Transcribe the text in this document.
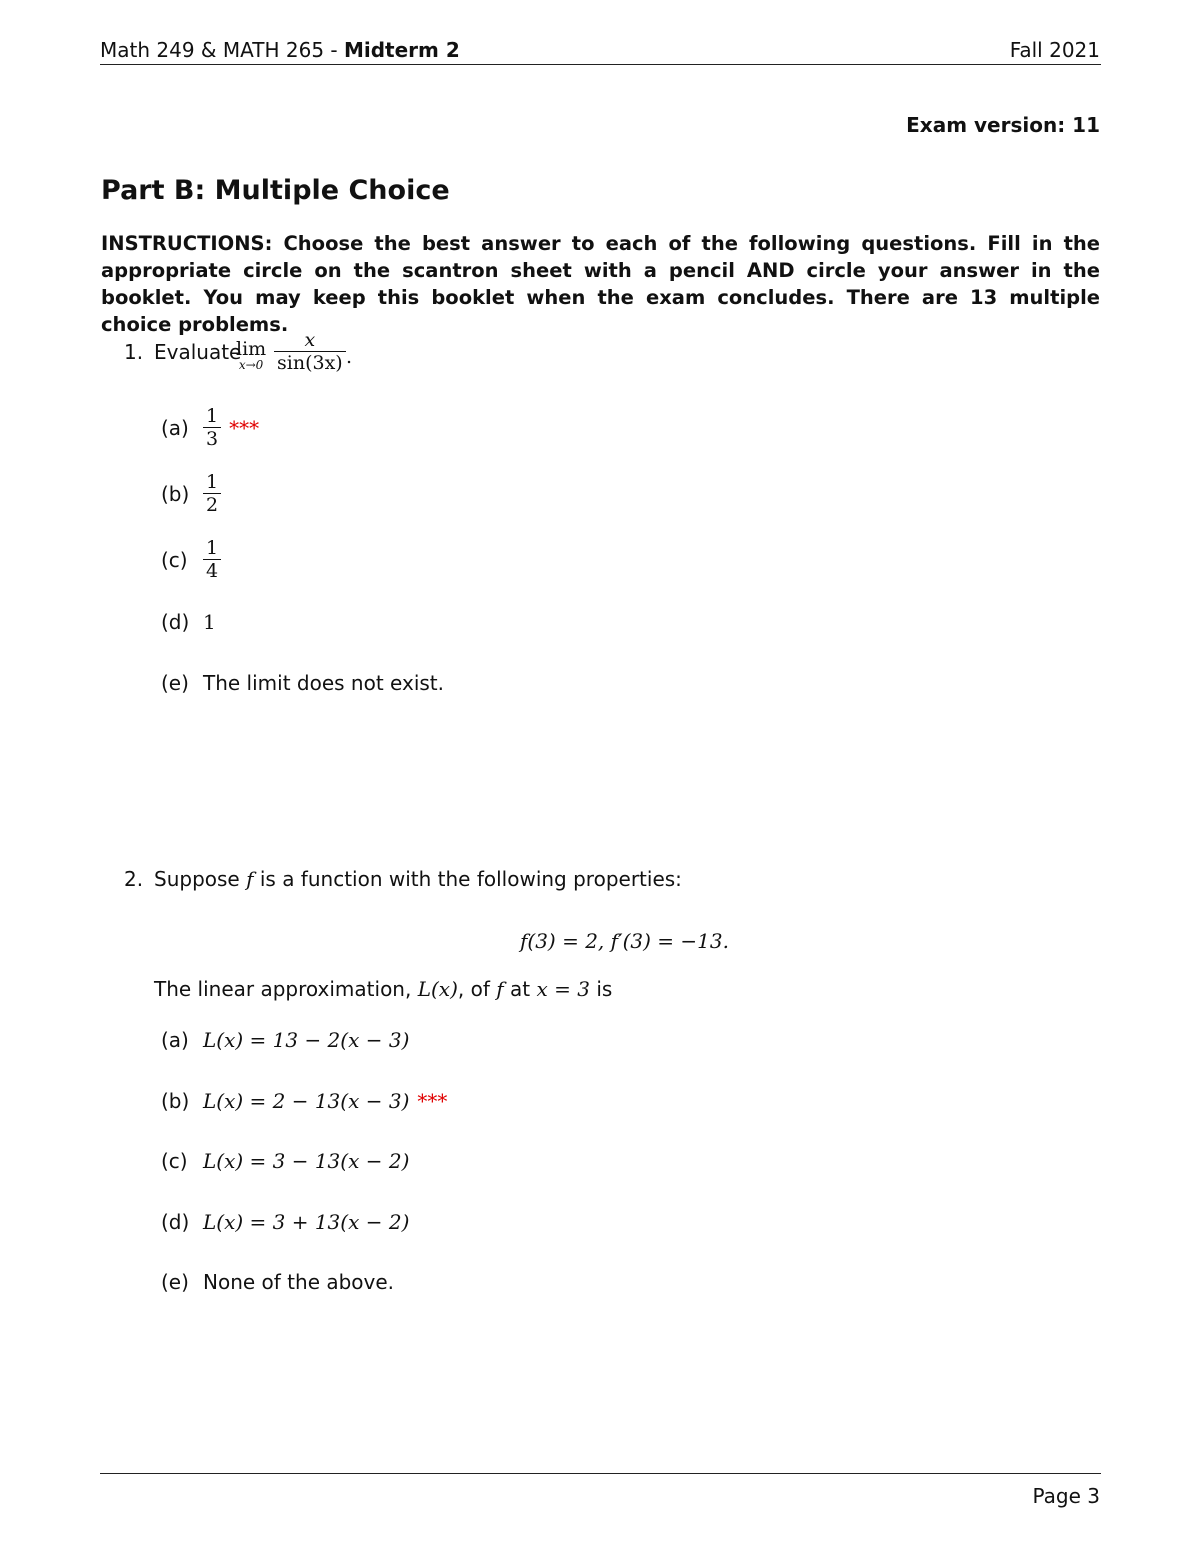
Math 249 & MATH 265 - Midterm 2	Fall 2021
Exam version: 11
Part B: Multiple Choice
INSTRUCTIONS: Choose the best answer to each of the following questions. Fill in the appropriate circle on the scantron sheet with a pencil AND circle your answer in the booklet. You may keep this booklet when the exam concludes. There are 13 multiple choice problems.
1. Evaluate
lim
$x\to 0 \frac{x}{\sin(3x)}$ .
$(a) \frac{1}{3}$ ***
$(b) \frac{1}{2}$
$(c) \frac{1}{4}$
(d) 1
(e) The limit does not exist.
2. Suppose f is a function with the following properties:
f(3) = 2, f′(3) = −13.
The linear approximation, L(x), of f at x = 3 is
(a) L(x) = 13 − 2(x − 3)
(b) L(x) = 2 − 13(x − 3) ***
(c) L(x) = 3 − 13(x − 2)
(d) L(x) = 3 + 13(x − 2)
(e) None of the above.
Page 3
